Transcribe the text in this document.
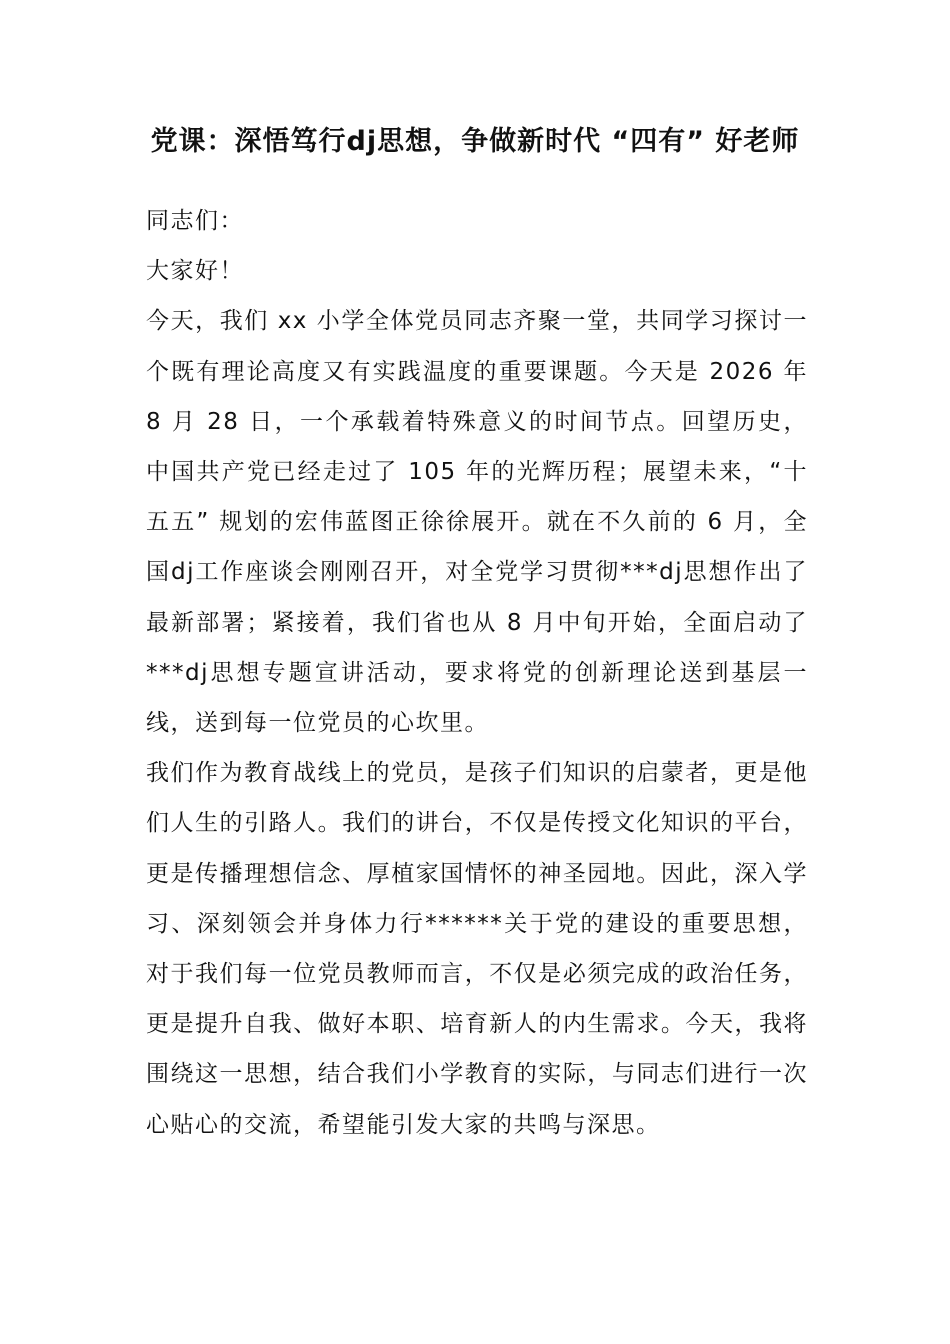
党课：深悟笃行dj思想，争做新时代 “四有” 好老师

同志们：

大家好！

今天，我们 xx 小学全体党员同志齐聚一堂，共同学习探讨一个既有理论高度又有实践温度的重要课题。今天是 2026 年 8 月 28 日，一个承载着特殊意义的时间节点。回望历史，中国共产党已经走过了 105 年的光辉历程；展望未来，“十五五” 规划的宏伟蓝图正徐徐展开。就在不久前的 6 月，全国dj工作座谈会刚刚召开，对全党学习贯彻***dj思想作出了最新部署；紧接着，我们省也从 8 月中旬开始，全面启动了***dj思想专题宣讲活动，要求将党的创新理论送到基层一线，送到每一位党员的心坎里。

我们作为教育战线上的党员，是孩子们知识的启蒙者，更是他们人生的引路人。我们的讲台，不仅是传授文化知识的平台，更是传播理想信念、厚植家国情怀的神圣园地。因此，深入学习、深刻领会并身体力行******关于党的建设的重要思想，对于我们每一位党员教师而言，不仅是必须完成的政治任务，更是提升自我、做好本职、培育新人的内生需求。今天，我将围绕这一思想，结合我们小学教育的实际，与同志们进行一次心贴心的交流，希望能引发大家的共鸣与深思。
